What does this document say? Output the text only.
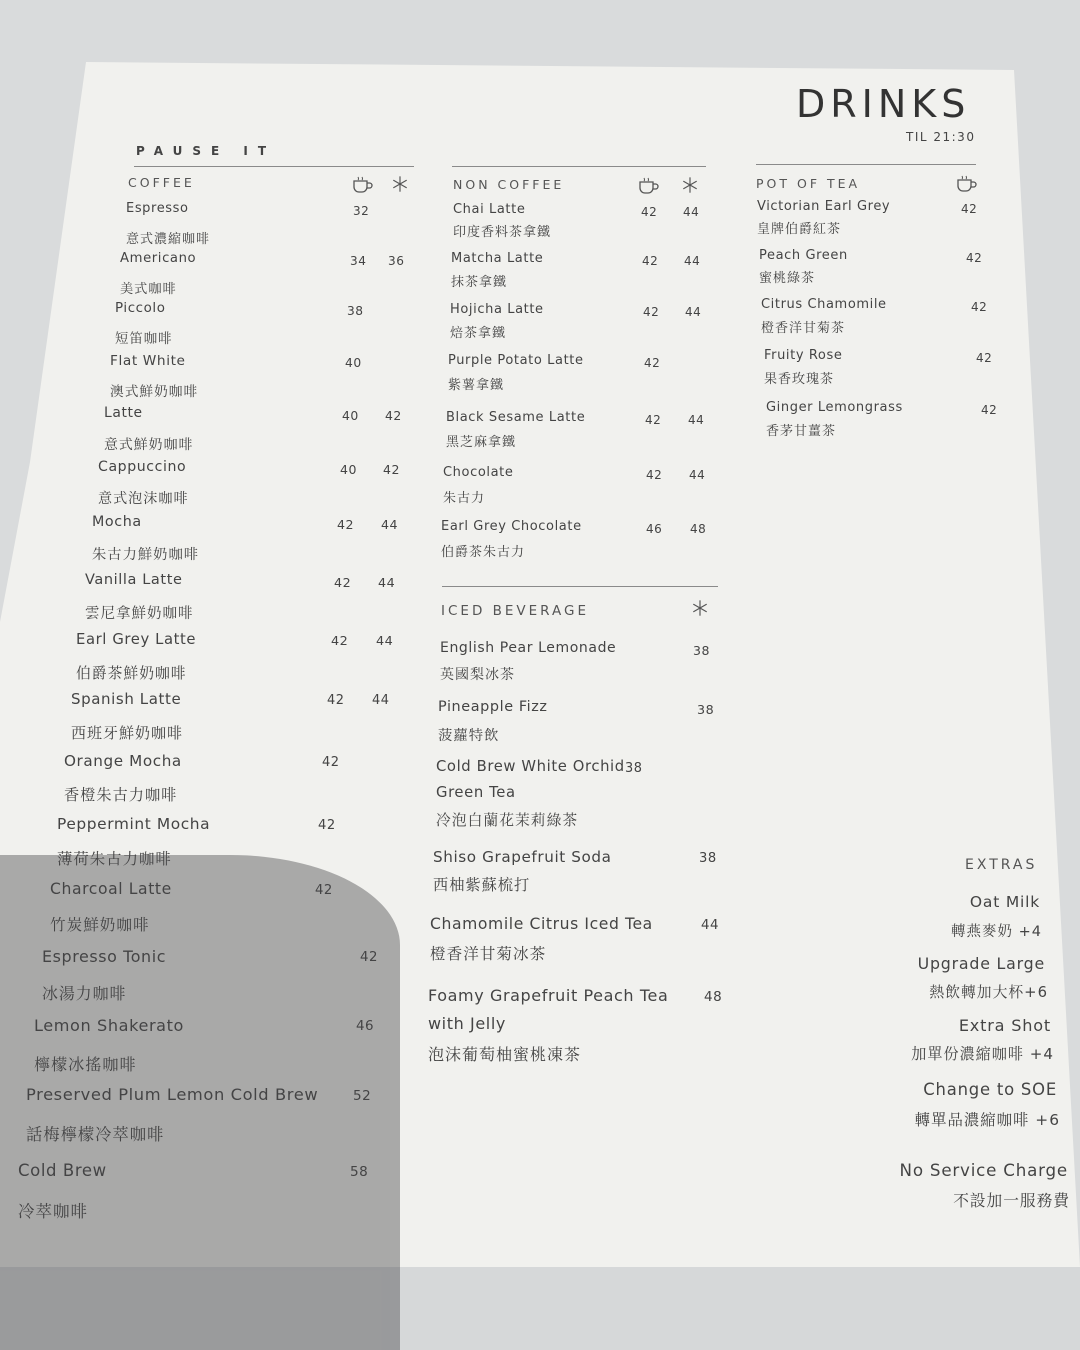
DRINKS
TIL 21:30
PAUSE IT
COFFEE	NON COFFEE	POT OF TEA
ICED BEVERAGE
Espresso
意式濃縮咖啡
32
Americano
美式咖啡
34 36
Piccolo
短笛咖啡
38
Flat White
澳式鮮奶咖啡
40
Latte
意式鮮奶咖啡
40 42
Cappuccino
意式泡沫咖啡
40 42
Mocha
朱古力鮮奶咖啡
42 44
Vanilla Latte
雲尼拿鮮奶咖啡
42 44
Earl Grey Latte
伯爵茶鮮奶咖啡
42 44
Spanish Latte
西班牙鮮奶咖啡
42 44
Orange Mocha
香橙朱古力咖啡
42
Peppermint Mocha
薄荷朱古力咖啡
42
Charcoal Latte
竹炭鮮奶咖啡
42
Espresso Tonic
冰湯力咖啡
42
Lemon Shakerato
檸檬冰搖咖啡
46
Preserved Plum Lemon Cold Brew
話梅檸檬冷萃咖啡
52
Cold Brew
冷萃咖啡
58
Chai Latte
印度香料茶拿鐵
42 44
Matcha Latte
抹茶拿鐵
42 44
Hojicha Latte
焙茶拿鐵
42 44
Purple Potato Latte
紫薯拿鐵
42
Black Sesame Latte
黑芝麻拿鐵
42 44
Chocolate
朱古力
42 44
Earl Grey Chocolate
伯爵茶朱古力
46 48
English Pear Lemonade
英國梨冰茶
38
Pineapple Fizz
菠蘿特飲
38
Cold Brew White Orchid
Green Tea
冷泡白蘭花茉莉綠茶
38
Shiso Grapefruit Soda
西柚紫蘇梳打
38
Chamomile Citrus Iced Tea
橙香洋甘菊冰茶
44
Foamy Grapefruit Peach Tea
with Jelly
泡沫葡萄柚蜜桃凍茶
48
Victorian Earl Grey
皇牌伯爵紅茶
42
Peach Green
蜜桃綠茶
42
Citrus Chamomile
橙香洋甘菊茶
42
Fruity Rose
果香玫瑰茶
42
Ginger Lemongrass
香茅甘薑茶
42
EXTRAS
Oat Milk
轉燕麥奶 +4
Upgrade Large
熱飲轉加大杯+6
Extra Shot
加單份濃縮咖啡 +4
Change to SOE
轉單品濃縮咖啡 +6
No Service Charge
不設加一服務費
